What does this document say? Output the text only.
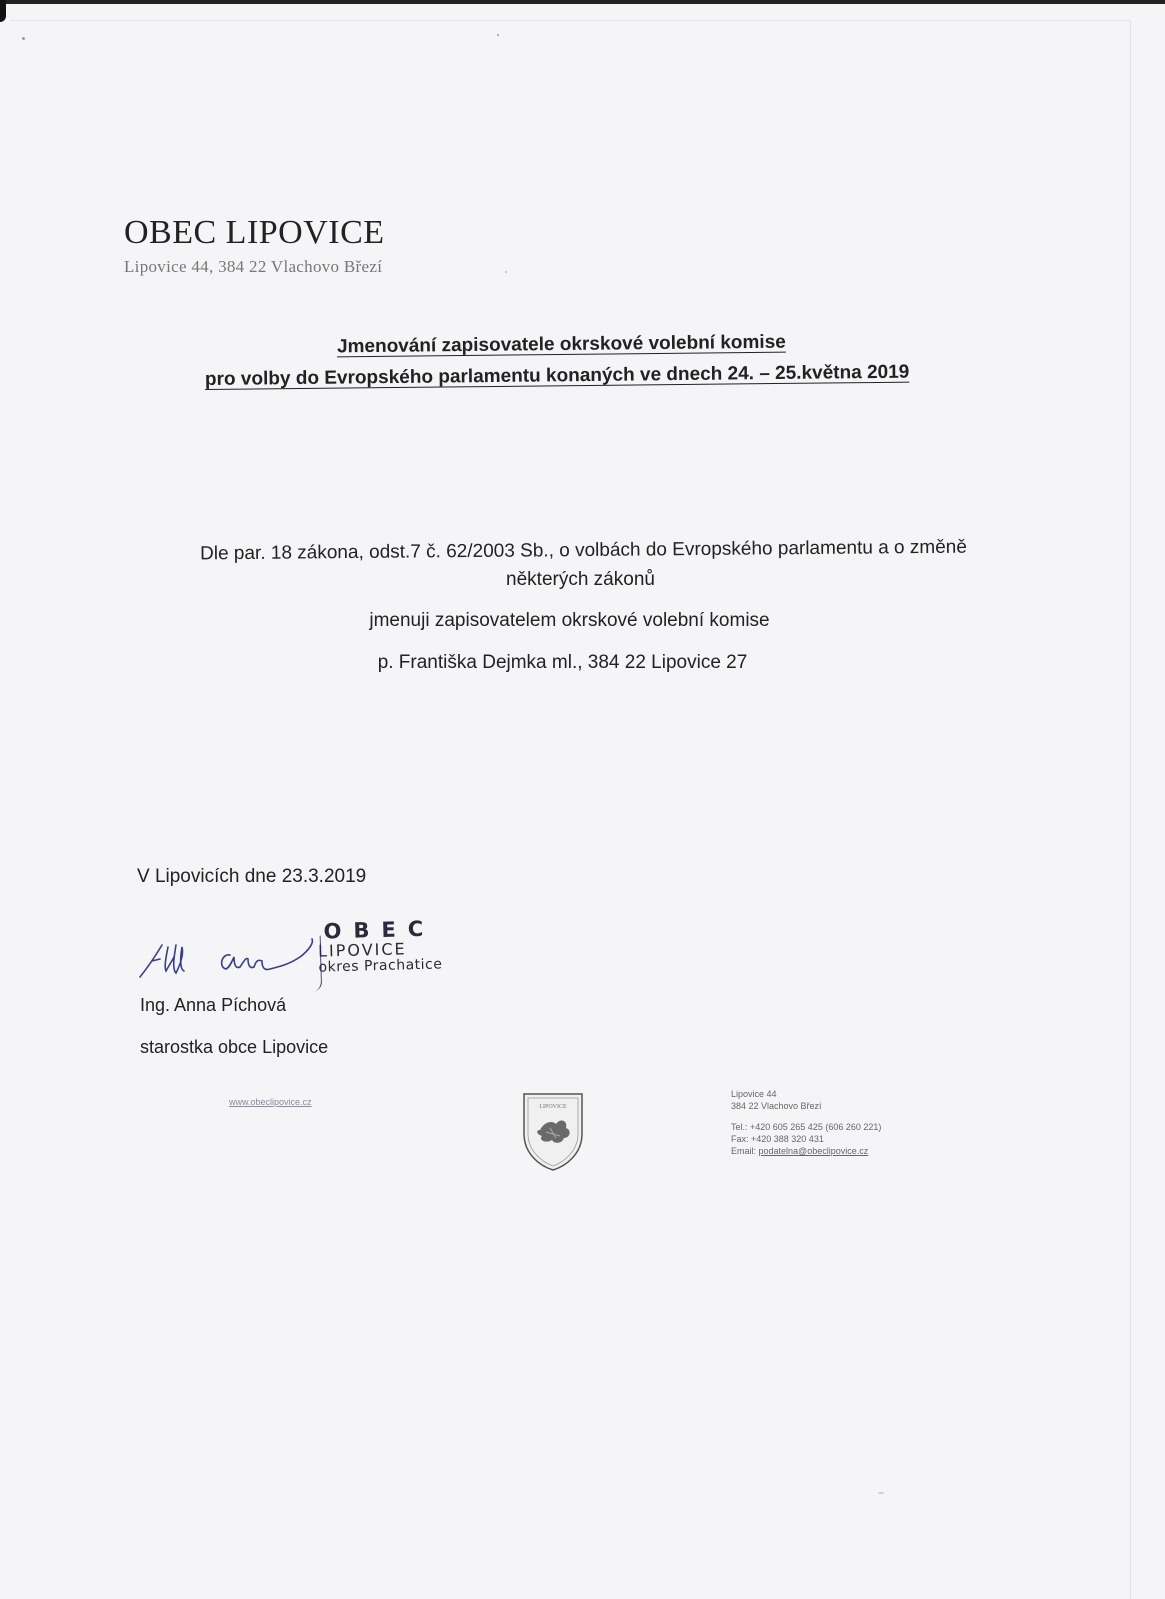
OBEC LIPOVICE
Lipovice 44, 384 22 Vlachovo Březí
Jmenování zapisovatele okrskové volební komise
pro volby do Evropského parlamentu konaných ve dnech 24. – 25.května 2019
Dle par. 18 zákona, odst.7 č. 62/2003 Sb., o volbách do Evropského parlamentu a o změně
některých zákonů
jmenuji zapisovatelem okrskové volební komise
p. Františka Dejmka ml., 384 22 Lipovice 27
V Lipovicích dne 23.3.2019
OBEC
LIPOVICE
okres Prachatice
Ing. Anna Píchová
starostka obce Lipovice
www.obeclipovice.cz	LIPOVICE
Lipovice 44
384 22 Vlachovo Březí
Tel.: +420 605 265 425 (606 260 221)
Fax: +420 388 320 431
Email: podatelna@obeclipovice.cz
